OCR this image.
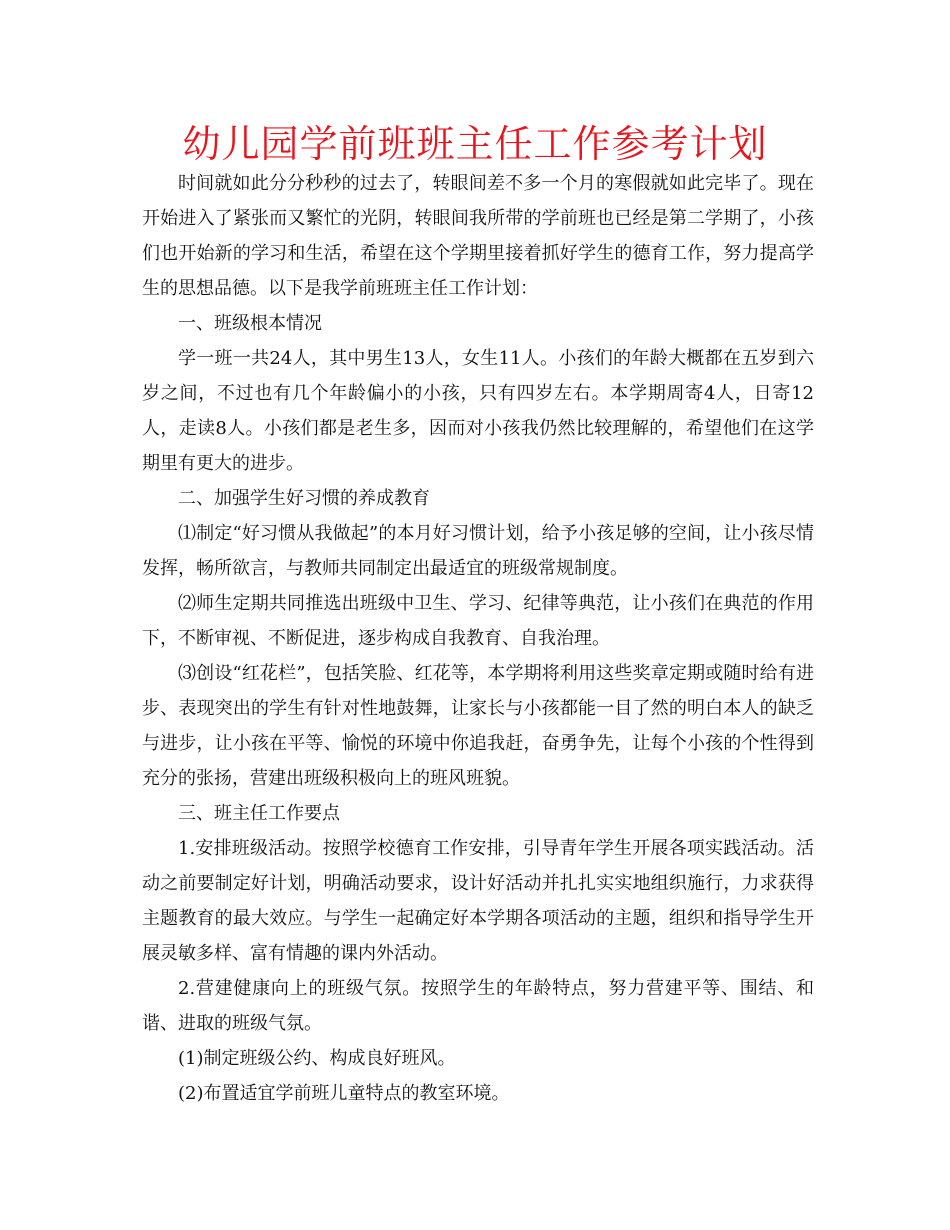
幼儿园学前班班主任工作参考计划

时间就如此分分秒秒的过去了，转眼间差不多一个月的寒假就如此完毕了。现在开始进入了紧张而又繁忙的光阴，转眼间我所带的学前班也已经是第二学期了，小孩们也开始新的学习和生活，希望在这个学期里接着抓好学生的德育工作，努力提高学生的思想品德。以下是我学前班班主任工作计划：

一、班级根本情况

学一班一共24人，其中男生13人，女生11人。小孩们的年龄大概都在五岁到六岁之间，不过也有几个年龄偏小的小孩，只有四岁左右。本学期周寄4人，日寄12人，走读8人。小孩们都是老生多，因而对小孩我仍然比较理解的，希望他们在这学期里有更大的进步。

二、加强学生好习惯的养成教育

⑴制定“好习惯从我做起”的本月好习惯计划，给予小孩足够的空间，让小孩尽情发挥，畅所欲言，与教师共同制定出最适宜的班级常规制度。

⑵师生定期共同推选出班级中卫生、学习、纪律等典范，让小孩们在典范的作用下，不断审视、不断促进，逐步构成自我教育、自我治理。

⑶创设“红花栏”，包括笑脸、红花等，本学期将利用这些奖章定期或随时给有进步、表现突出的学生有针对性地鼓舞，让家长与小孩都能一目了然的明白本人的缺乏与进步，让小孩在平等、愉悦的环境中你追我赶，奋勇争先，让每个小孩的个性得到充分的张扬，营建出班级积极向上的班风班貌。

三、班主任工作要点

1.安排班级活动。按照学校德育工作安排，引导青年学生开展各项实践活动。活动之前要制定好计划，明确活动要求，设计好活动并扎扎实实地组织施行，力求获得主题教育的最大效应。与学生一起确定好本学期各项活动的主题，组织和指导学生开展灵敏多样、富有情趣的课内外活动。

2.营建健康向上的班级气氛。按照学生的年龄特点，努力营建平等、围结、和谐、进取的班级气氛。

(1)制定班级公约、构成良好班风。

(2)布置适宜学前班儿童特点的教室环境。
